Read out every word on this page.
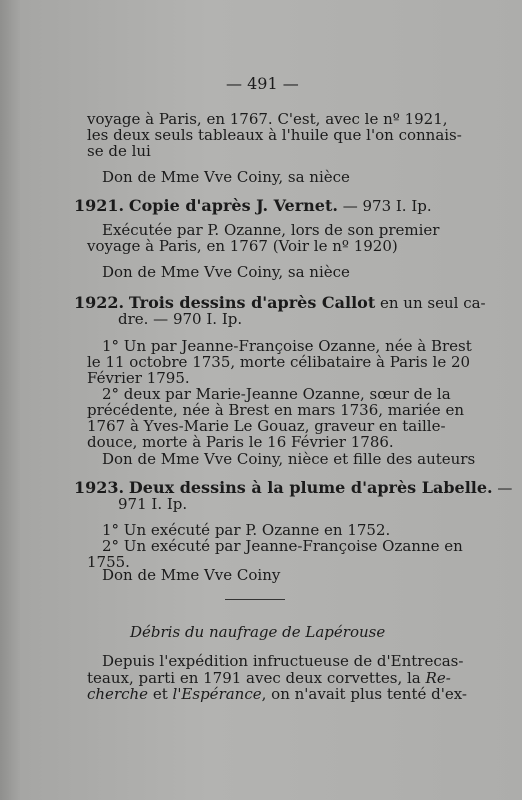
— 491 —
voyage à Paris, en 1767. C'est, avec le nº 1921,
les deux seuls tableaux à l'huile que l'on connais-
se de lui
Don de Mme Vve Coiny, sa nièce
1921. Copie d'après J. Vernet. — 973 I. Ip.
Exécutée par P. Ozanne, lors de son premier
voyage à Paris, en 1767 (Voir le nº 1920)
Don de Mme Vve Coiny, sa nièce
1922. Trois dessins d'après Callot en un seul ca-
dre. — 970 I. Ip.
1° Un par Jeanne-Françoise Ozanne, née à Brest
le 11 octobre 1735, morte célibataire à Paris le 20
Février 1795.
2° deux par Marie-Jeanne Ozanne, sœur de la
précédente, née à Brest en mars 1736, mariée en
1767 à Yves-Marie Le Gouaz, graveur en taille-
douce, morte à Paris le 16 Février 1786.
Don de Mme Vve Coiny, nièce et fille des auteurs
1923. Deux dessins à la plume d'après Labelle. —
971 I. Ip.
1° Un exécuté par P. Ozanne en 1752.
2° Un exécuté par Jeanne-Françoise Ozanne en
1755.
Don de Mme Vve Coiny
Débris du naufrage de Lapérouse
Depuis l'expédition infructueuse de d'Entrecas-
teaux, parti en 1791 avec deux corvettes, la Re-
cherche et l'Espérance, on n'avait plus tenté d'ex-
